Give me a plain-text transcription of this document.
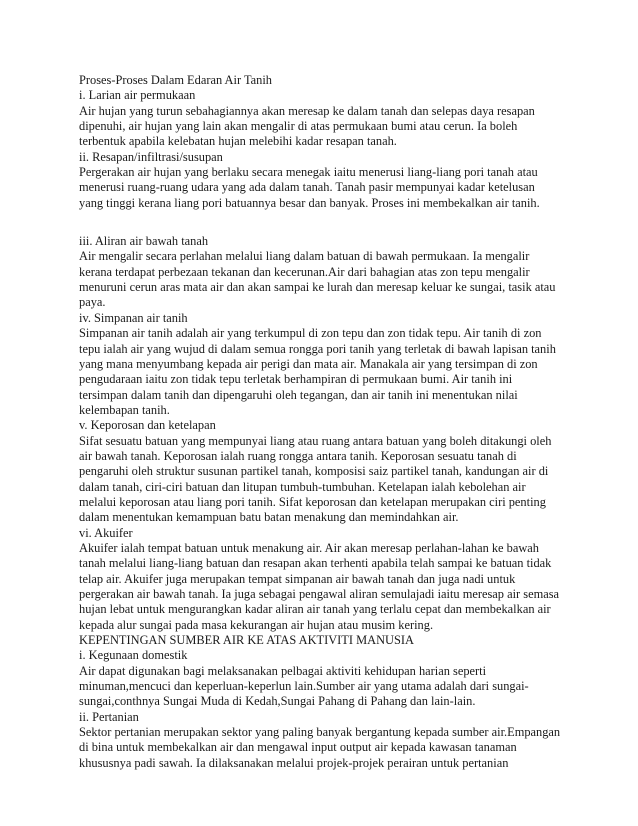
Proses-Proses Dalam Edaran Air Tanih
i. Larian air permukaan
Air hujan yang turun sebahagiannya akan meresap ke dalam tanah dan selepas daya resapan
dipenuhi, air hujan yang lain akan mengalir di atas permukaan bumi atau cerun. Ia boleh
terbentuk apabila kelebatan hujan melebihi kadar resapan tanah.
ii. Resapan/infiltrasi/susupan
Pergerakan air hujan yang berlaku secara menegak iaitu menerusi liang-liang pori tanah atau
menerusi ruang-ruang udara yang ada dalam tanah. Tanah pasir mempunyai kadar ketelusan
yang tinggi kerana liang pori batuannya besar dan banyak. Proses ini membekalkan air tanih.
iii. Aliran air bawah tanah
Air mengalir secara perlahan melalui liang dalam batuan di bawah permukaan. Ia mengalir
kerana terdapat perbezaan tekanan dan kecerunan.Air dari bahagian atas zon tepu mengalir
menuruni cerun aras mata air dan akan sampai ke lurah dan meresap keluar ke sungai, tasik atau
paya.
iv. Simpanan air tanih
Simpanan air tanih adalah air yang terkumpul di zon tepu dan zon tidak tepu. Air tanih di zon
tepu ialah air yang wujud di dalam semua rongga pori tanih yang terletak di bawah lapisan tanih
yang mana menyumbang kepada air perigi dan mata air. Manakala air yang tersimpan di zon
pengudaraan iaitu zon tidak tepu terletak berhampiran di permukaan bumi. Air tanih ini
tersimpan dalam tanih dan dipengaruhi oleh tegangan, dan air tanih ini menentukan nilai
kelembapan tanih.
v. Keporosan dan ketelapan
Sifat sesuatu batuan yang mempunyai liang atau ruang antara batuan yang boleh ditakungi oleh
air bawah tanah. Keporosan ialah ruang rongga antara tanih. Keporosan sesuatu tanah di
pengaruhi oleh struktur susunan partikel tanah, komposisi saiz partikel tanah, kandungan air di
dalam tanah, ciri-ciri batuan dan litupan tumbuh-tumbuhan. Ketelapan ialah kebolehan air
melalui keporosan atau liang pori tanih. Sifat keporosan dan ketelapan merupakan ciri penting
dalam menentukan kemampuan batu batan menakung dan memindahkan air.
vi. Akuifer
Akuifer ialah tempat batuan untuk menakung air. Air akan meresap perlahan-lahan ke bawah
tanah melalui liang-liang batuan dan resapan akan terhenti apabila telah sampai ke batuan tidak
telap air. Akuifer juga merupakan tempat simpanan air bawah tanah dan juga nadi untuk
pergerakan air bawah tanah. Ia juga sebagai pengawal aliran semulajadi iaitu meresap air semasa
hujan lebat untuk mengurangkan kadar aliran air tanah yang terlalu cepat dan membekalkan air
kepada alur sungai pada masa kekurangan air hujan atau musim kering.
KEPENTINGAN SUMBER AIR KE ATAS AKTIVITI MANUSIA
i. Kegunaan domestik
Air dapat digunakan bagi melaksanakan pelbagai aktiviti kehidupan harian seperti
minuman,mencuci dan keperluan-keperlun lain.Sumber air yang utama adalah dari sungai-
sungai,conthnya Sungai Muda di Kedah,Sungai Pahang di Pahang dan lain-lain.
ii. Pertanian
Sektor pertanian merupakan sektor yang paling banyak bergantung kepada sumber air.Empangan
di bina untuk membekalkan air dan mengawal input output air kepada kawasan tanaman
khususnya padi sawah. Ia dilaksanakan melalui projek-projek perairan untuk pertanian
